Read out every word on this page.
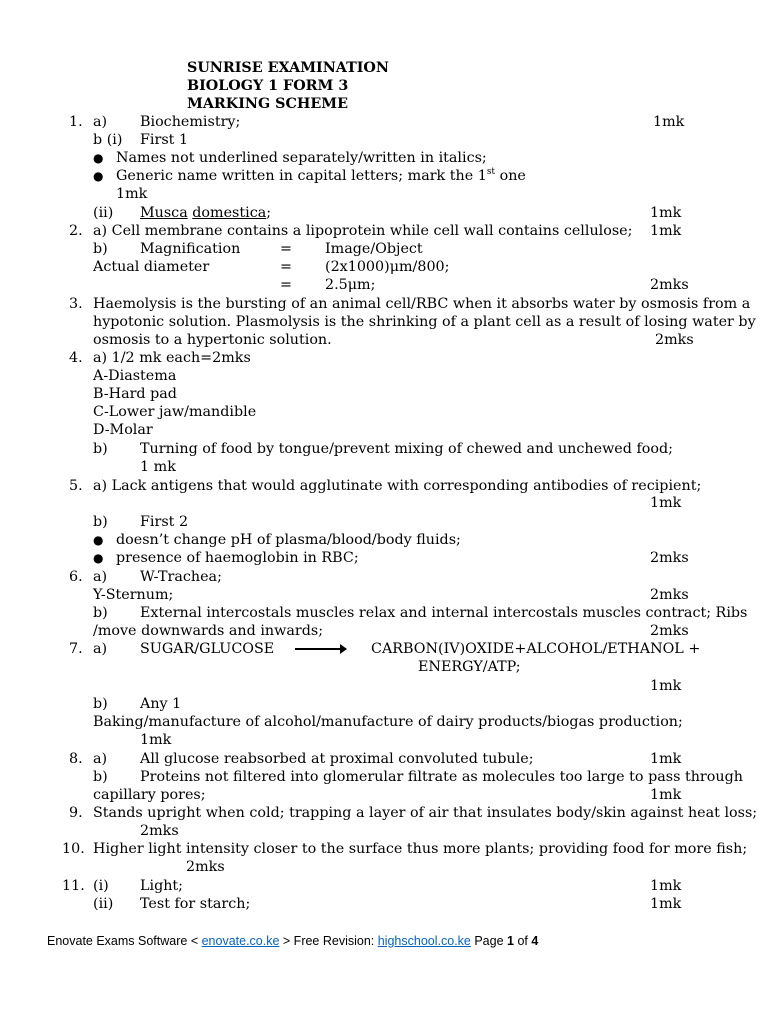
SUNRISE EXAMINATION
BIOLOGY 1 FORM 3
MARKING SCHEME
1. a) Biochemistry;	1mk
b (i) First 1
● Names not underlined separately/written in italics;
● Generic name written in capital letters; mark the 1st one
1mk
(ii) Musca domestica;	1mk
2. a) Cell membrane contains a lipoprotein while cell wall contains cellulose; 1mk
b) Magnification	= Image/Object
Actual diameter	= (2x1000)μm/800;
= 2.5μm;	2mks
3. Haemolysis is the bursting of an animal cell/RBC when it absorbs water by osmosis from a
hypotonic solution. Plasmolysis is the shrinking of a plant cell as a result of losing water by
osmosis to a hypertonic solution.	2mks
4. a) 1/2 mk each=2mks
A-Diastema
B-Hard pad
C-Lower jaw/mandible
D-Molar
b) Turning of food by tongue/prevent mixing of chewed and unchewed food;
1 mk
5. a) Lack antigens that would agglutinate with corresponding antibodies of recipient;
1mk
b) First 2
● doesn’t change pH of plasma/blood/body fluids;
● presence of haemoglobin in RBC;	2mks
6. a) W-Trachea;
Y-Sternum;	2mks
b) External intercostals muscles relax and internal intercostals muscles contract; Ribs
/move downwards and inwards;	2mks
7. a) SUGAR/GLUCOSE → CARBON(IV)OXIDE+ALCOHOL/ETHANOL +
ENERGY/ATP;
1mk
b) Any 1
Baking/manufacture of alcohol/manufacture of dairy products/biogas production;
1mk
8. a) All glucose reabsorbed at proximal convoluted tubule;	1mk
b) Proteins not filtered into glomerular filtrate as molecules too large to pass through
capillary pores;	1mk
9. Stands upright when cold; trapping a layer of air that insulates body/skin against heat loss;
2mks
10. Higher light intensity closer to the surface thus more plants; providing food for more fish;
2mks
11. (i) Light;	1mk
(ii) Test for starch;	1mk
Enovate Exams Software < enovate.co.ke > Free Revision: highschool.co.ke Page 1 of 4
